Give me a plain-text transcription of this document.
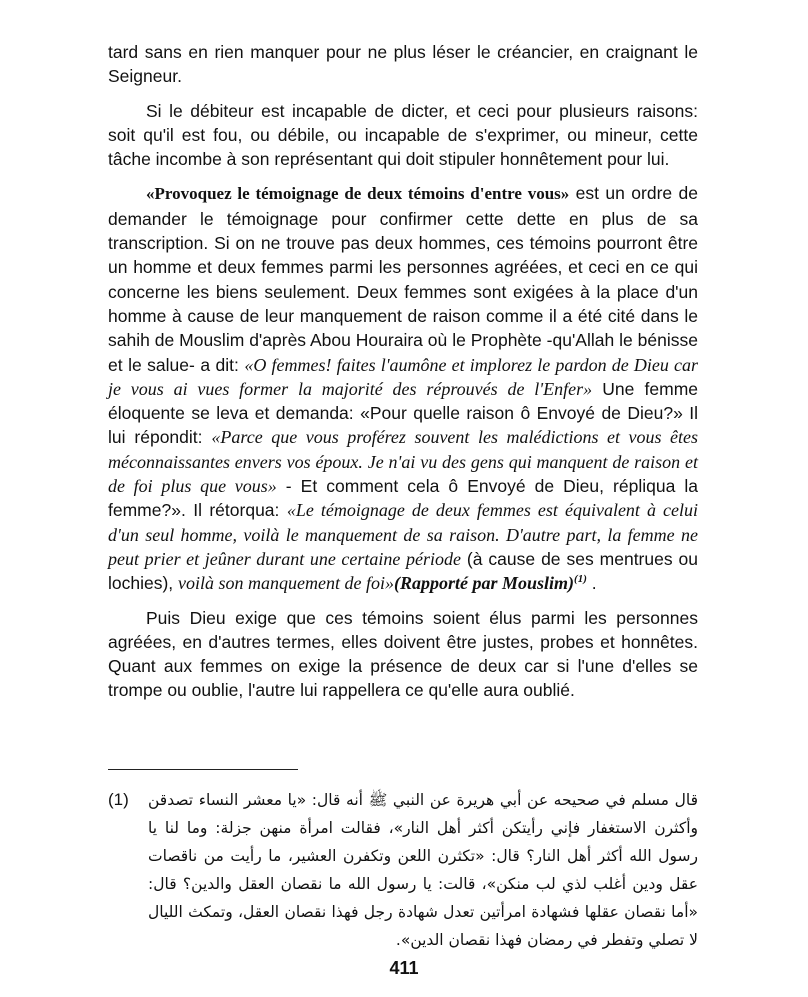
tard sans en rien manquer pour ne plus léser le créancier, en craignant le Seigneur.

Si le débiteur est incapable de dicter, et ceci pour plusieurs raisons: soit qu'il est fou, ou débile, ou incapable de s'exprimer, ou mineur, cette tâche incombe à son représentant qui doit stipuler honnêtement pour lui.

«Provoquez le témoignage de deux témoins d'entre vous» est un ordre de demander le témoignage pour confirmer cette dette en plus de sa transcription. Si on ne trouve pas deux hommes, ces témoins pourront être un homme et deux femmes parmi les personnes agréées, et ceci en ce qui concerne les biens seulement. Deux femmes sont exigées à la place d'un homme à cause de leur manquement de raison comme il a été cité dans le sahih de Mouslim d'après Abou Houraira où le Prophète -qu'Allah le bénisse et le salue- a dit: «O femmes! faites l'aumône et implorez le pardon de Dieu car je vous ai vues former la majorité des réprouvés de l'Enfer» Une femme éloquente se leva et demanda: «Pour quelle raison ô Envoyé de Dieu?» Il lui répondit: «Parce que vous proférez souvent les malédictions et vous êtes méconnaissantes envers vos époux. Je n'ai vu des gens qui manquent de raison et de foi plus que vous» - Et comment cela ô Envoyé de Dieu, répliqua la femme?». Il rétorqua: «Le témoignage de deux femmes est équivalent à celui d'un seul homme, voilà le manquement de sa raison. D'autre part, la femme ne peut prier et jeûner durant une certaine période (à cause de ses mentrues ou lochies), voilà son manquement de foi»(Rapporté par Mouslim)$^{(1)}$ .

Puis Dieu exige que ces témoins soient élus parmi les personnes agréées, en d'autres termes, elles doivent être justes, probes et honnêtes. Quant aux femmes on exige la présence de deux car si l'une d'elles se trompe ou oublie, l'autre lui rappellera ce qu'elle aura oublié.

(1) قال مسلم في صحيحه عن أبي هريرة عن النبي ﷺ أنه قال: «يا معشر النساء تصدقن وأكثرن الاستغفار فإني رأيتكن أكثر أهل النار»، فقالت امرأة منهن جزلة: وما لنا يا رسول الله أكثر أهل النار؟ قال: «تكثرن اللعن وتكفرن العشير، ما رأيت من ناقصات عقل ودين أغلب لذي لب منكن»، قالت: يا رسول الله ما نقصان العقل والدين؟ قال: «أما نقصان عقلها فشهادة امرأتين تعدل شهادة رجل فهذا نقصان العقل، وتمكث الليال لا تصلي وتفطر في رمضان فهذا نقصان الدين».
411
